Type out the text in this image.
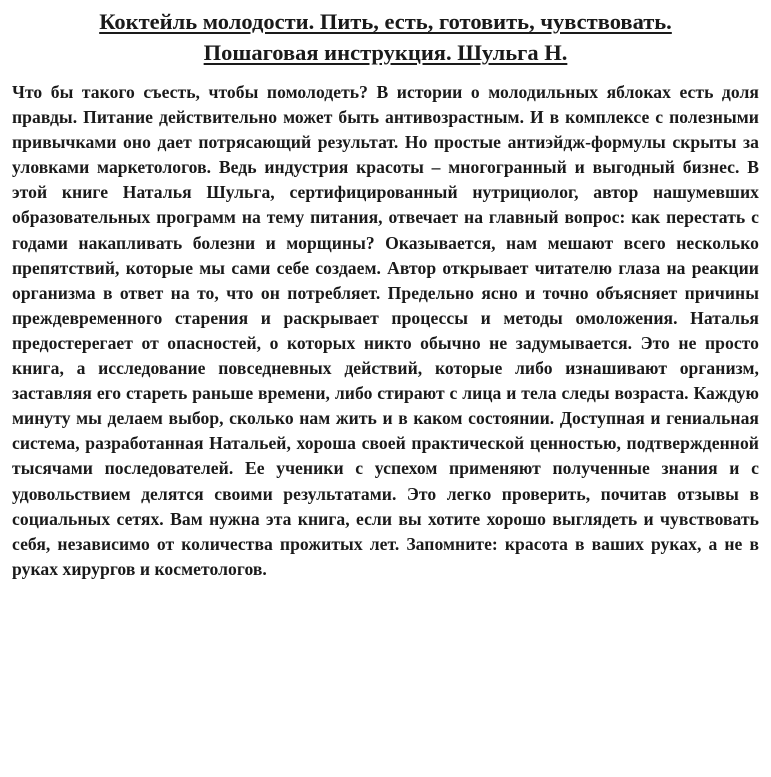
Коктейль молодости. Пить, есть, готовить, чувствовать.
Пошаговая инструкция. Шульга Н.

Что бы такого съесть, чтобы помолодеть? В истории о молодильных яблоках есть доля правды. Питание действительно может быть антивозрастным. И в комплексе с полезными привычками оно дает потрясающий результат. Но простые антиэйдж-формулы скрыты за уловками маркетологов. Ведь индустрия красоты – многогранный и выгодный бизнес. В этой книге Наталья Шульга, сертифицированный нутрициолог, автор нашумевших образовательных программ на тему питания, отвечает на главный вопрос: как перестать с годами накапливать болезни и морщины? Оказывается, нам мешают всего несколько препятствий, которые мы сами себе создаем. Автор открывает читателю глаза на реакции организма в ответ на то, что он потребляет. Предельно ясно и точно объясняет причины преждевременного старения и раскрывает процессы и методы омоложения. Наталья предостерегает от опасностей, о которых никто обычно не задумывается. Это не просто книга, а исследование повседневных действий, которые либо изнашивают организм, заставляя его стареть раньше времени, либо стирают с лица и тела следы возраста. Каждую минуту мы делаем выбор, сколько нам жить и в каком состоянии. Доступная и гениальная система, разработанная Натальей, хороша своей практической ценностью, подтвержденной тысячами последователей. Ее ученики с успехом применяют полученные знания и с удовольствием делятся своими результатами. Это легко проверить, почитав отзывы в социальных сетях. Вам нужна эта книга, если вы хотите хорошо выглядеть и чувствовать себя, независимо от количества прожитых лет. Запомните: красота в ваших руках, а не в руках хирургов и косметологов.
